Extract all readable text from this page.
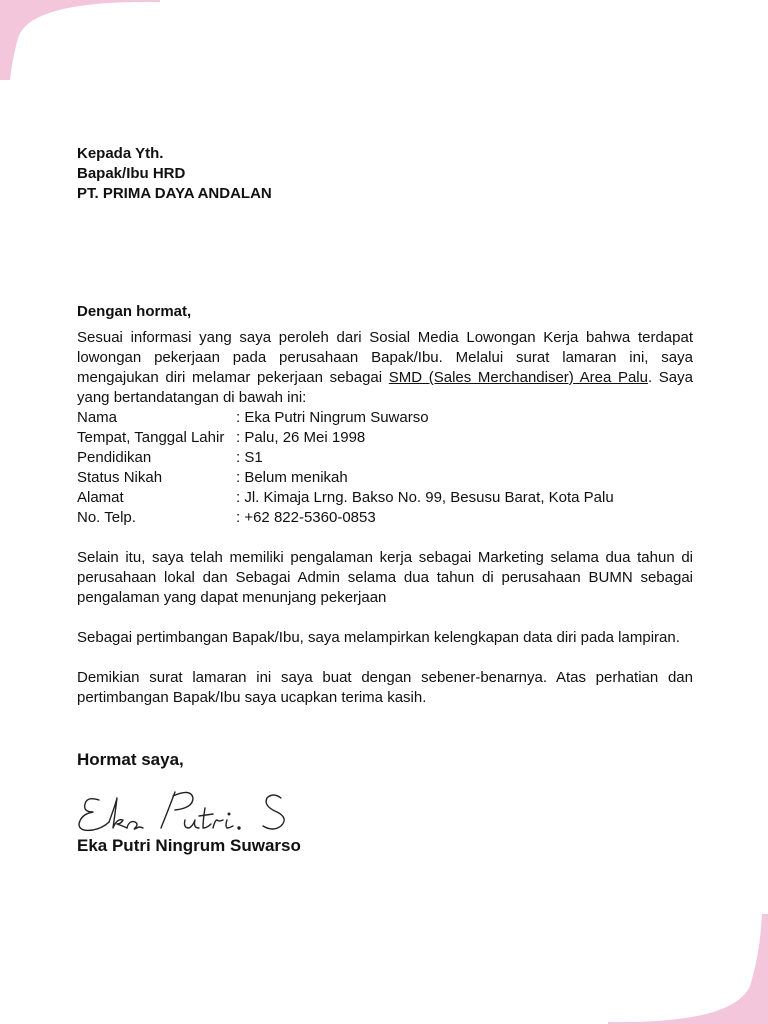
Kepada Yth.
Bapak/Ibu HRD
PT. PRIMA DAYA ANDALAN
Dengan hormat,

Sesuai informasi yang saya peroleh dari Sosial Media Lowongan Kerja bahwa terdapat lowongan pekerjaan pada perusahaan Bapak/Ibu. Melalui surat lamaran ini, saya mengajukan diri melamar pekerjaan sebagai SMD (Sales Merchandiser) Area Palu. Saya yang bertandatangan di bawah ini:

Nama	: Eka Putri Ningrum Suwarso
Tempat, Tanggal Lahir	: Palu, 26 Mei 1998
Pendidikan	: S1
Status Nikah	: Belum menikah
Alamat	: Jl. Kimaja Lrng. Bakso No. 99, Besusu Barat, Kota Palu
No. Telp.	: +62 822-5360-0853

Selain itu, saya telah memiliki pengalaman kerja sebagai Marketing selama dua tahun di perusahaan lokal dan Sebagai Admin selama dua tahun di perusahaan BUMN sebagai pengalaman yang dapat menunjang pekerjaan

Sebagai pertimbangan Bapak/Ibu, saya melampirkan kelengkapan data diri pada lampiran.

Demikian surat lamaran ini saya buat dengan sebener-benarnya. Atas perhatian dan pertimbangan Bapak/Ibu saya ucapkan terima kasih.

Hormat saya,
Eka Putri Ningrum Suwarso
